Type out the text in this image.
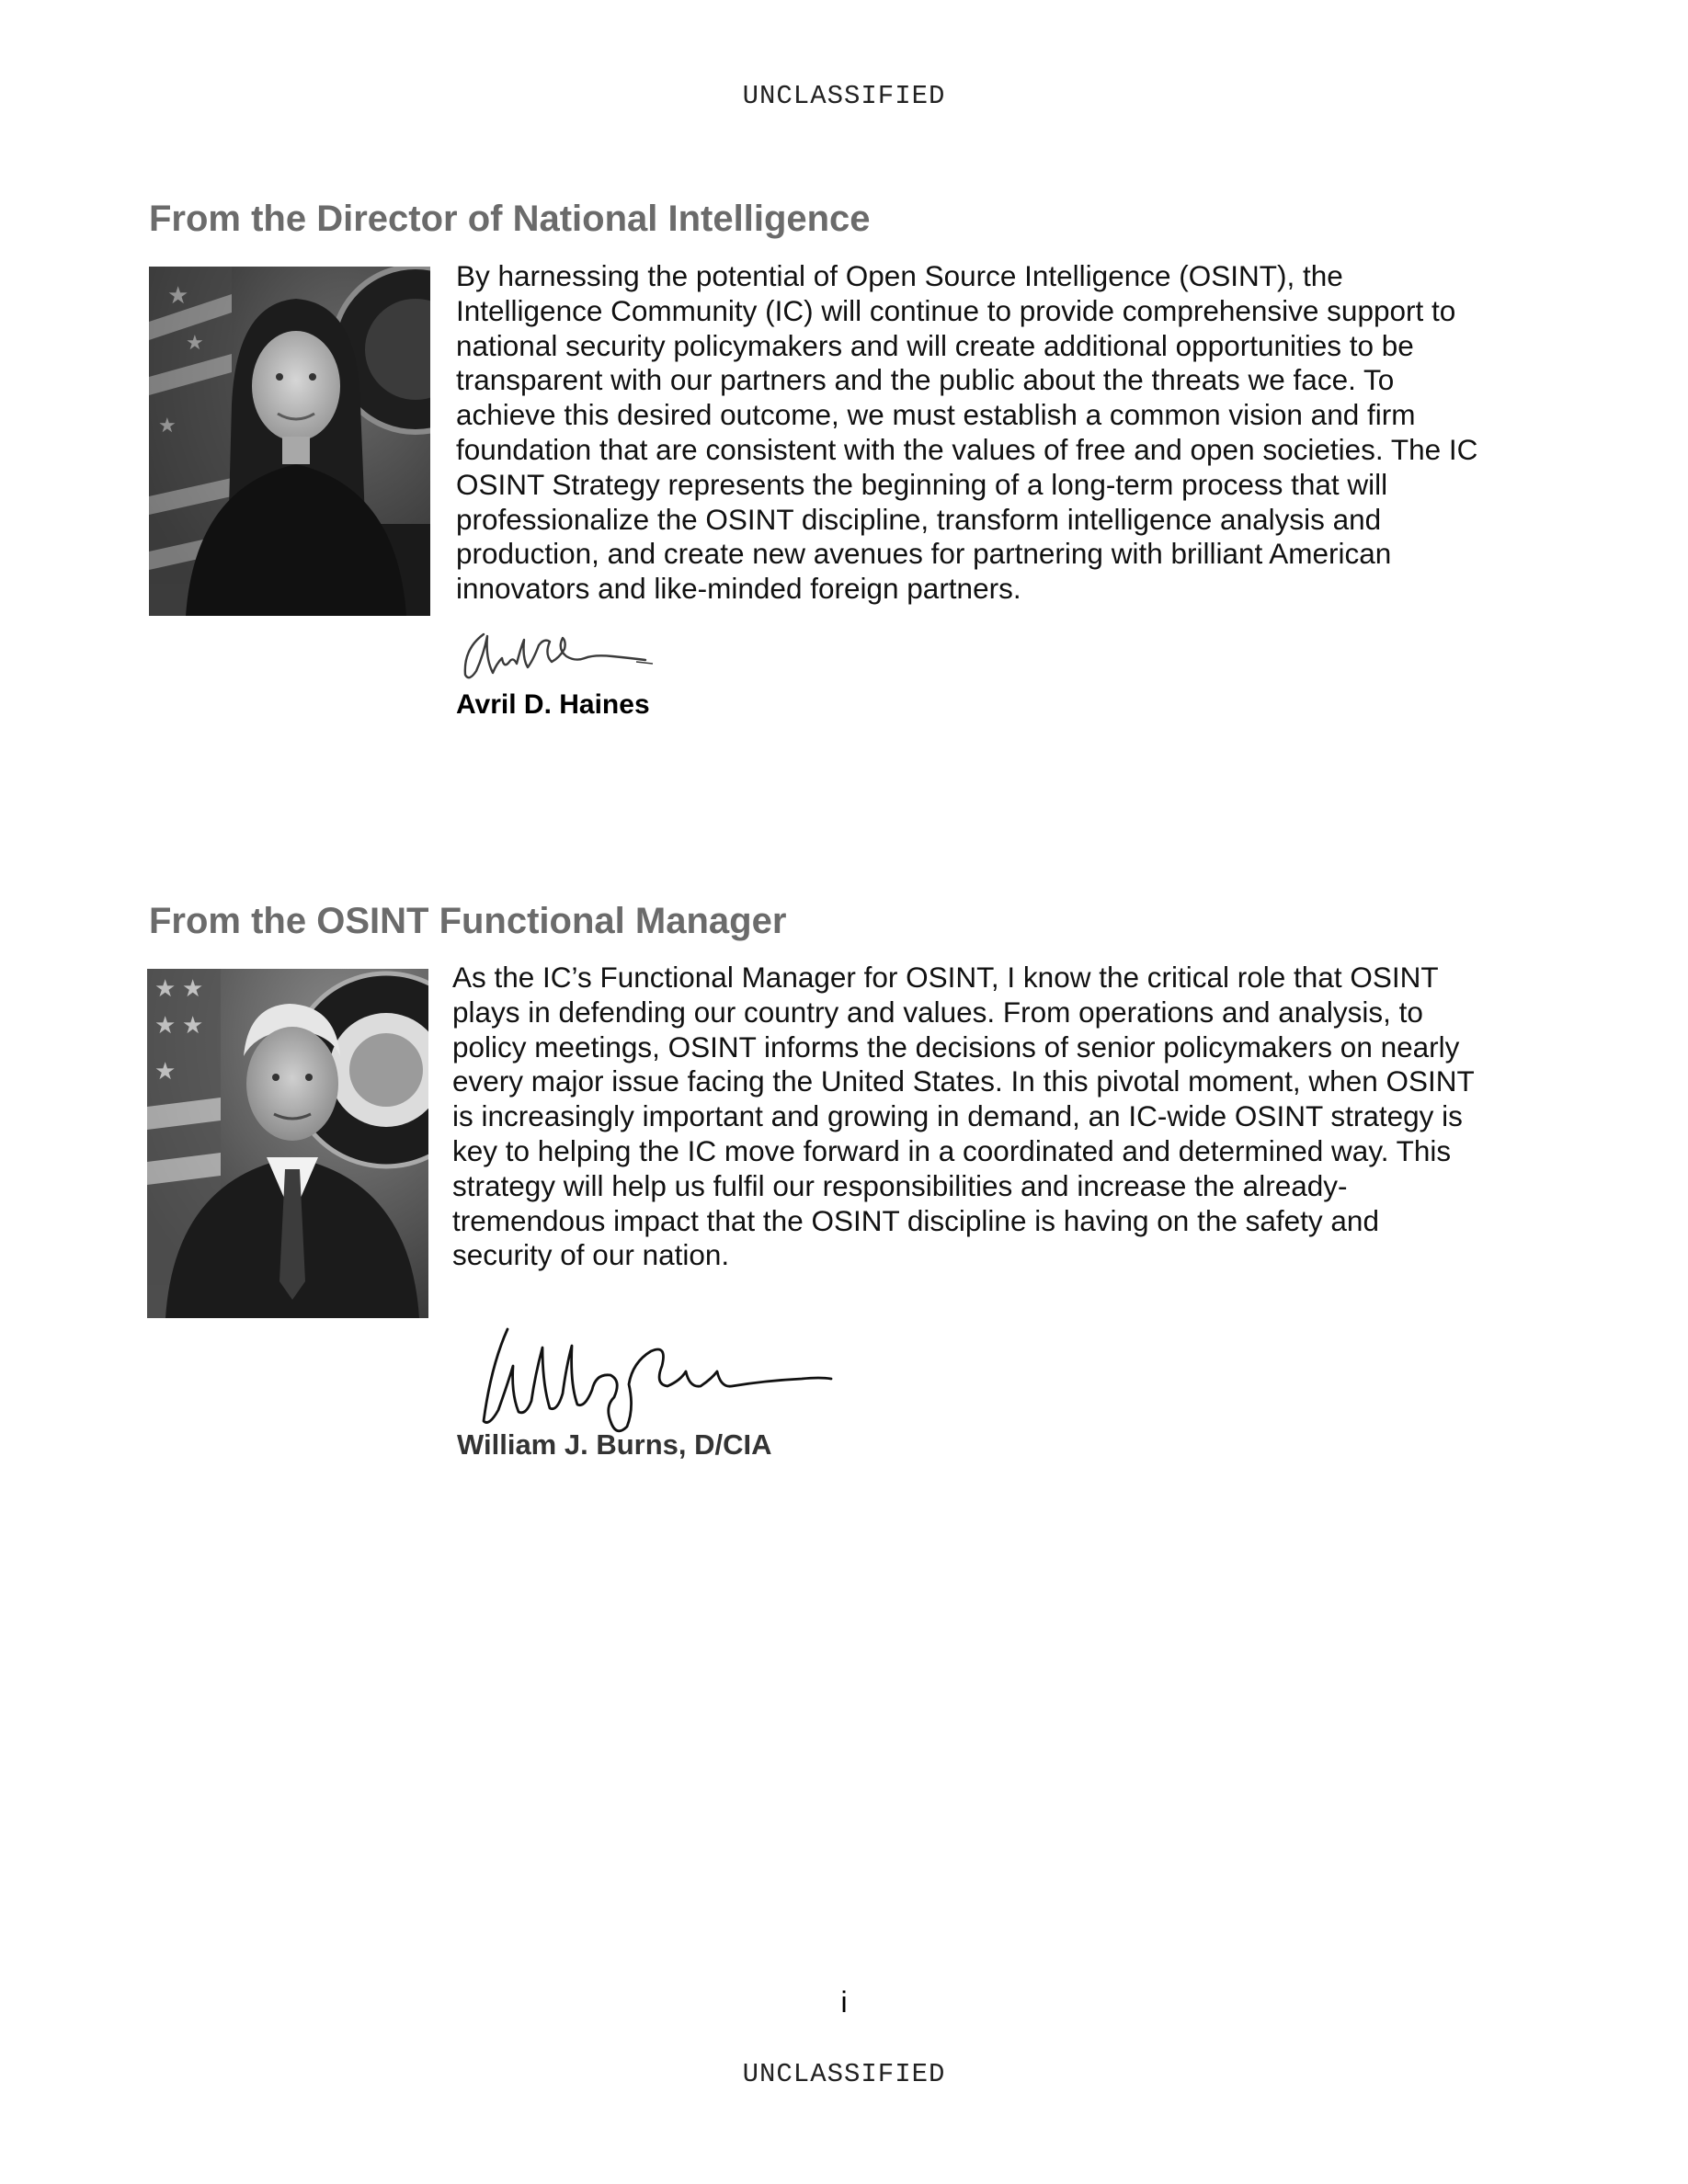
UNCLASSIFIED
From the Director of National Intelligence
★
★
★

By harnessing the potential of Open Source Intelligence (OSINT), the
Intelligence Community (IC) will continue to provide comprehensive support to
national security policymakers and will create additional opportunities to be
transparent with our partners and the public about the threats we face. To
achieve this desired outcome, we must establish a common vision and firm
foundation that are consistent with the values of free and open societies. The IC
OSINT Strategy represents the beginning of a long-term process that will
professionalize the OSINT discipline, transform intelligence analysis and
production, and create new avenues for partnering with brilliant American
innovators and like-minded foreign partners.

Avril D. Haines
From the OSINT Functional Manager
★ ★
★ ★
★

As the IC’s Functional Manager for OSINT, I know the critical role that OSINT
plays in defending our country and values. From operations and analysis, to
policy meetings, OSINT informs the decisions of senior policymakers on nearly
every major issue facing the United States. In this pivotal moment, when OSINT
is increasingly important and growing in demand, an IC-wide OSINT strategy is
key to helping the IC move forward in a coordinated and determined way. This
strategy will help us fulfil our responsibilities and increase the already-
tremendous impact that the OSINT discipline is having on the safety and
security of our nation.

William J. Burns, D/CIA
i
UNCLASSIFIED
